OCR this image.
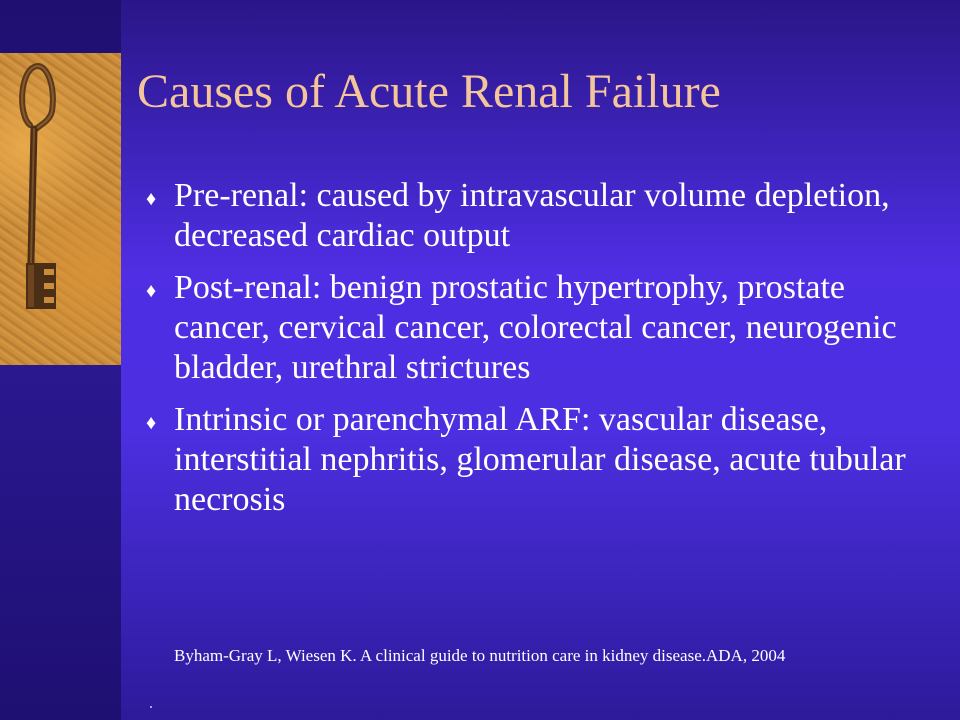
Causes of Acute Renal Failure
♦ Pre-renal: caused by intravascular volume depletion, decreased cardiac output
♦ Post-renal: benign prostatic hypertrophy, prostate cancer, cervical cancer, colorectal cancer, neurogenic bladder, urethral strictures
♦ Intrinsic or parenchymal ARF: vascular disease, interstitial nephritis, glomerular disease, acute tubular necrosis

Byham-Gray L, Wiesen K. A clinical guide to nutrition care in kidney disease.ADA, 2004
